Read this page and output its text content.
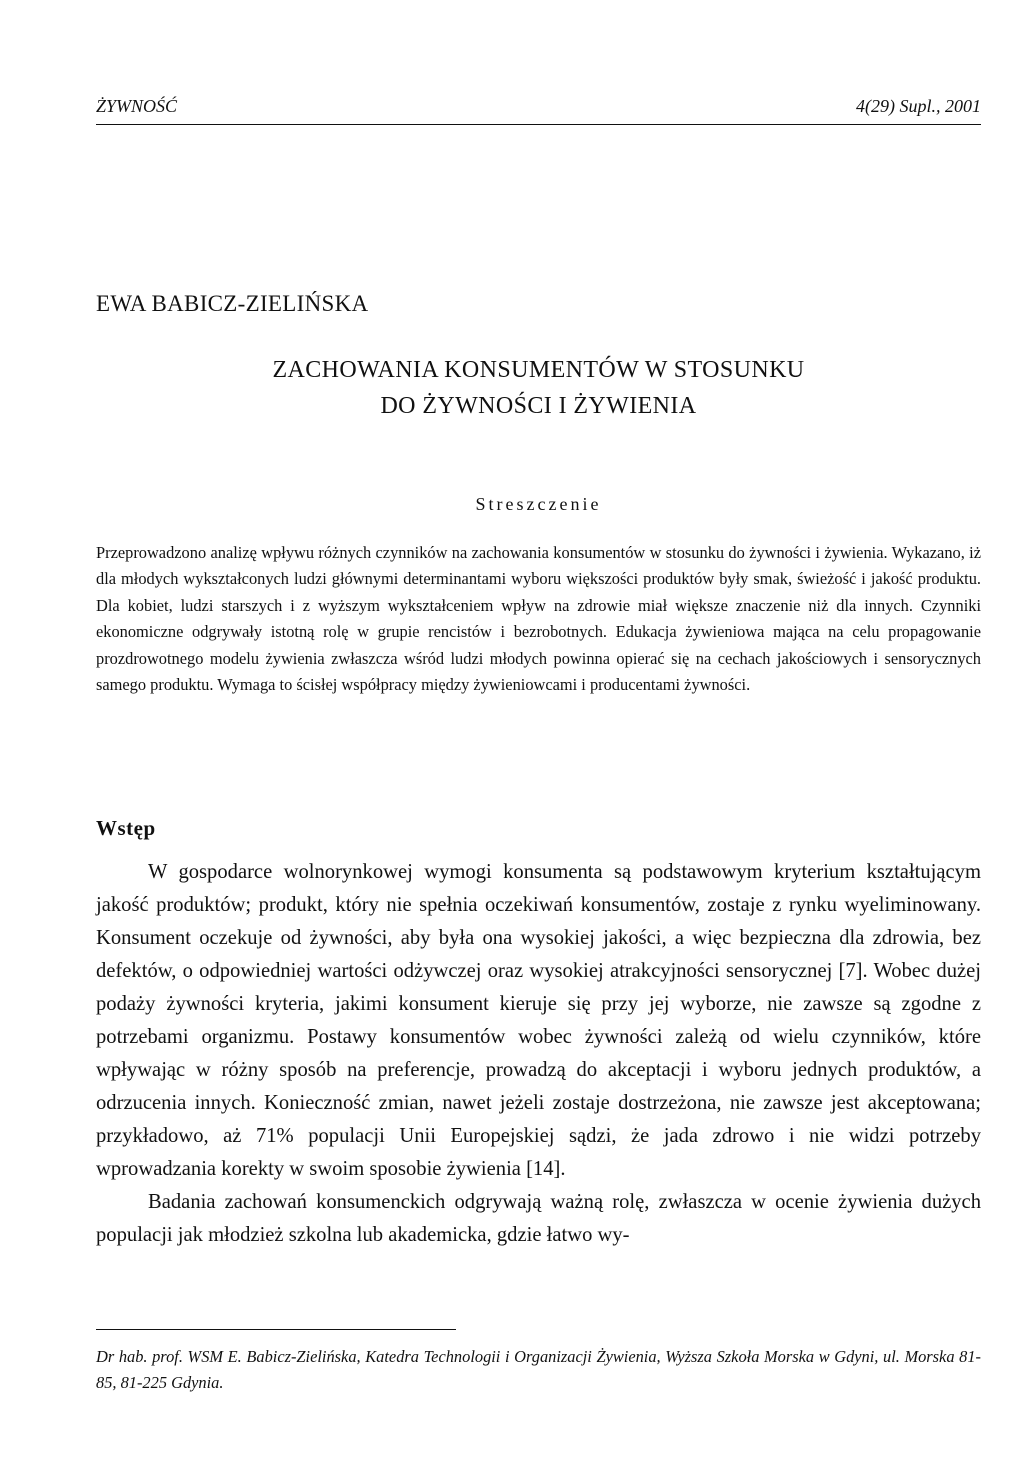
ŻYWNOŚĆ	4(29) Supl., 2001
EWA BABICZ-ZIELIŃSKA
ZACHOWANIA KONSUMENTÓW W STOSUNKU
DO ŻYWNOŚCI I ŻYWIENIA
Streszczenie

Przeprowadzono analizę wpływu różnych czynników na zachowania konsumentów w stosunku do żywności i żywienia. Wykazano, iż dla młodych wykształconych ludzi głównymi determinantami wyboru większości produktów były smak, świeżość i jakość produktu. Dla kobiet, ludzi starszych i z wyższym wykształceniem wpływ na zdrowie miał większe znaczenie niż dla innych. Czynniki ekonomiczne odgrywały istotną rolę w grupie rencistów i bezrobotnych. Edukacja żywieniowa mająca na celu propagowanie prozdrowotnego modelu żywienia zwłaszcza wśród ludzi młodych powinna opierać się na cechach jakościowych i sensorycznych samego produktu. Wymaga to ścisłej współpracy między żywieniowcami i producentami żywności.

Wstęp

W gospodarce wolnorynkowej wymogi konsumenta są podstawowym kryterium kształtującym jakość produktów; produkt, który nie spełnia oczekiwań konsumentów, zostaje z rynku wyeliminowany. Konsument oczekuje od żywności, aby była ona wysokiej jakości, a więc bezpieczna dla zdrowia, bez defektów, o odpowiedniej wartości odżywczej oraz wysokiej atrakcyjności sensorycznej [7]. Wobec dużej podaży żywności kryteria, jakimi konsument kieruje się przy jej wyborze, nie zawsze są zgodne z potrzebami organizmu. Postawy konsumentów wobec żywności zależą od wielu czynników, które wpływając w różny sposób na preferencje, prowadzą do akceptacji i wyboru jednych produktów, a odrzucenia innych. Konieczność zmian, nawet jeżeli zostaje dostrzeżona, nie zawsze jest akceptowana; przykładowo, aż 71% populacji Unii Europejskiej sądzi, że jada zdrowo i nie widzi potrzeby wprowadzania korekty w swoim sposobie żywienia [14].

Badania zachowań konsumenckich odgrywają ważną rolę, zwłaszcza w ocenie żywienia dużych populacji jak młodzież szkolna lub akademicka, gdzie łatwo wy-

Dr hab. prof. WSM E. Babicz-Zielińska, Katedra Technologii i Organizacji Żywienia, Wyższa Szkoła Morska w Gdyni, ul. Morska 81-85, 81-225 Gdynia.
